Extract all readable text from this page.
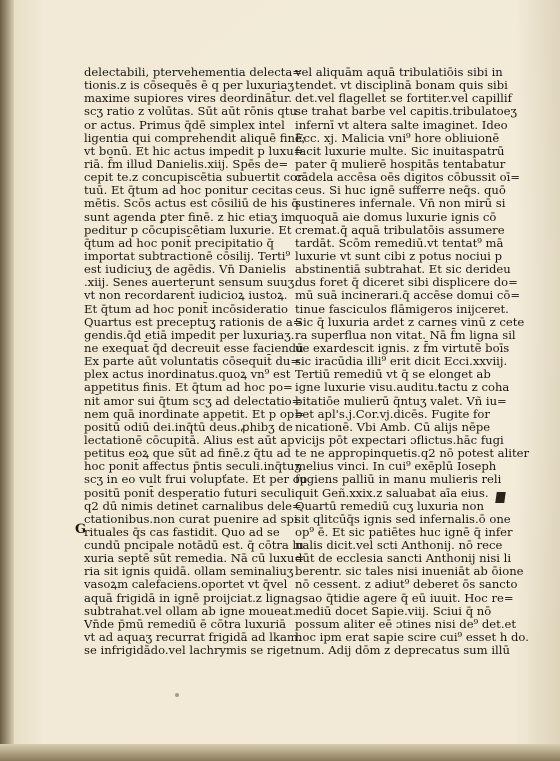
delectabili, ptervehementia delecta=
tionis.z is cōsequēs ē q per luxuriaʒ
maxime supiores vires deordināt̄ur.
scʒ ratio z volūtas. Sūt aūt rōnis qtu
or actus. Primus q̄dē simplex intel
ligentia qui comprehendit aliquē finē;
vt bonū. Et hic actus impedit p luxu=
riā. f̄m illud Danielis.xiij. Spēs de=
cepit te.z concupiscētia subuertit cor
tuū. Et q̄tum ad hoc ponitur cecitas
mētis. Scōs actus est cōsiliū de his q̄
sunt agenda ꝑter finē. z hic etiaʒ im
peditur p cōcupiscētiam luxurie. Et
q̄tum ad hoc ponit̄ precipitatio q̄
importat subtractionē cōsilij. Terti⁹
est iudiciuʒ de agēdis. Vn̄ Danielis
.xiij. Senes auerterunt sensum suuʒ.
vt non recordarent̄ iudicioꝝ iustoꝝ.
Et q̄tum ad hoc ponit̄ incōsideratio
Quartus est preceptuʒ rationis de a=
gendis.q̄d etiā impedit̄ per luxuriaʒ.
ne exequat̄ q̄d decreuit esse faciendū
Ex parte aūt voluntatis cōsequit̄ du=
plex actus inordinatus.quoꝝ vn⁹ est
appetitus finis. Et q̄tum ad hoc po=
nit̄ amor sui q̄tum scʒ ad delectatio=
nem quā inordinate appetit. Et p op=
positū odiū dei.inq̄tū deus.ꝓhibʒ de
lectationē cōcupitā. Alius est aūt ap
petitus eoꝝ que sūt ad finē.z q̄tu ad
hoc ponit̄ affectus p̄ntis seculi.inq̄tuʒ
scʒ in eo vult frui volupťate. Et per op
positū ponit̄ desperatio futuri seculi.
q2 dū nimis detinet̄ carnalibus dele=
ctationibus.non curat puenire ad spi
rituales q̄s cas fastidit. Quo ad se
cundū pncipale notādū est. q̄ cōtra lu
xuria septē sūt remedia. Nā cū luxu=
ria sit ignis quidā. ollam seminaliuʒ
vasoꝝm calefaciens.oportet vt q̄vel
aquā frigidā in ignē proijciat.z ligna
subtrahat.vel ollam ab igne moueat.
Vn̄de p̄mū remediū ē cōtra luxuriā
vt ad aquaʒ recurrat frigidā ad lkam.
se infrigidādo.vel lachrymis se riget.
vel aliquām aquā tribulatiōis sibi in
tendet. vt disciplinā bonam quis sibi
det.vel flagellet se fortiter.vel capillif
se trahat barbe vel capitis.tribulatoeʒ
infernī vt altera salte imaginet. Ideo
Ecc. xj. Malicia vni⁹ hore obliuionē
facit luxurie multe. Sic inuitaspatrū
pater q̄ mulierē hospitās tentabatur
cādela accēsa oēs digitos cōbussit oī=
ceus. Si huc ignē sufferre neq̄s. quō
sustineres infernale. Vn̄ non mirū si
quoquā aie domus luxurie ignis cō
cremat.q̄ aquā tribulatōis assumere
tardāt. Scōm remediū.vt tentat⁹ mā
luxurie vt sunt cibi z potus nociui p
abstinentiā subtrahat. Et sic derideu
dus foret q̄ diceret sibi displicere do=
mū suā incinerari.q̄ accēse domui cō=
tinue fasciculos flāmigeros inijceret.
Sic q̄ luxuria ardet z carnes vinū z cete
ra superflua non vitat. Nā f̄m ligna sil
ue exardescit ignis. z f̄m virtutē boīs
sic iracūdia illi⁹ erit dicit Ecci.xxviij.
Tertiū remediū vt q̄ se elonget ab
igne luxurie visu.auditu.tactu z coha
bitatiōe mulierū q̄ntuʒ valet. Vñ iu=
bet apl's.j.Cor.vj.dicēs. Fugite for
nicationē. Vbi Amb. Cū alijs nēpe
vicijs pōt expectari ɔflictus.hāc fugi
te ne appropinquetis.q2 nō potest aliter
melius vinci. In cui⁹ exēplū Ioseph
fugiens palliū in manu mulieris reli
quit Geñ.xxix.z saluabat aīa eius.
Quartū remediū cuʒ luxuria non
sit qlitcūq̄s ignis sed infernalis.ō one
op⁹ ē. Et sic patiētes huc ignē q̄ infer
nalis dicit.vel scti Anthonij. nō rece
dūt de ecclesia sancti Anthonij nisi li
berentr. sic tales nisi inueniāt ab ōione
nō cessent. z adiut⁹ deberet ōs sancto
gsao q̄tidie agere q̄ eū iuuit. Hoc re=
mediū docet Sapie.viij. Sciui q̄ nō
possum aliter eē ɔtines nisi de⁹ det.et
hoc ipm erat sapie scire cui⁹ esset h do.
num. Adij dōm z deprecatus sum illū
G
